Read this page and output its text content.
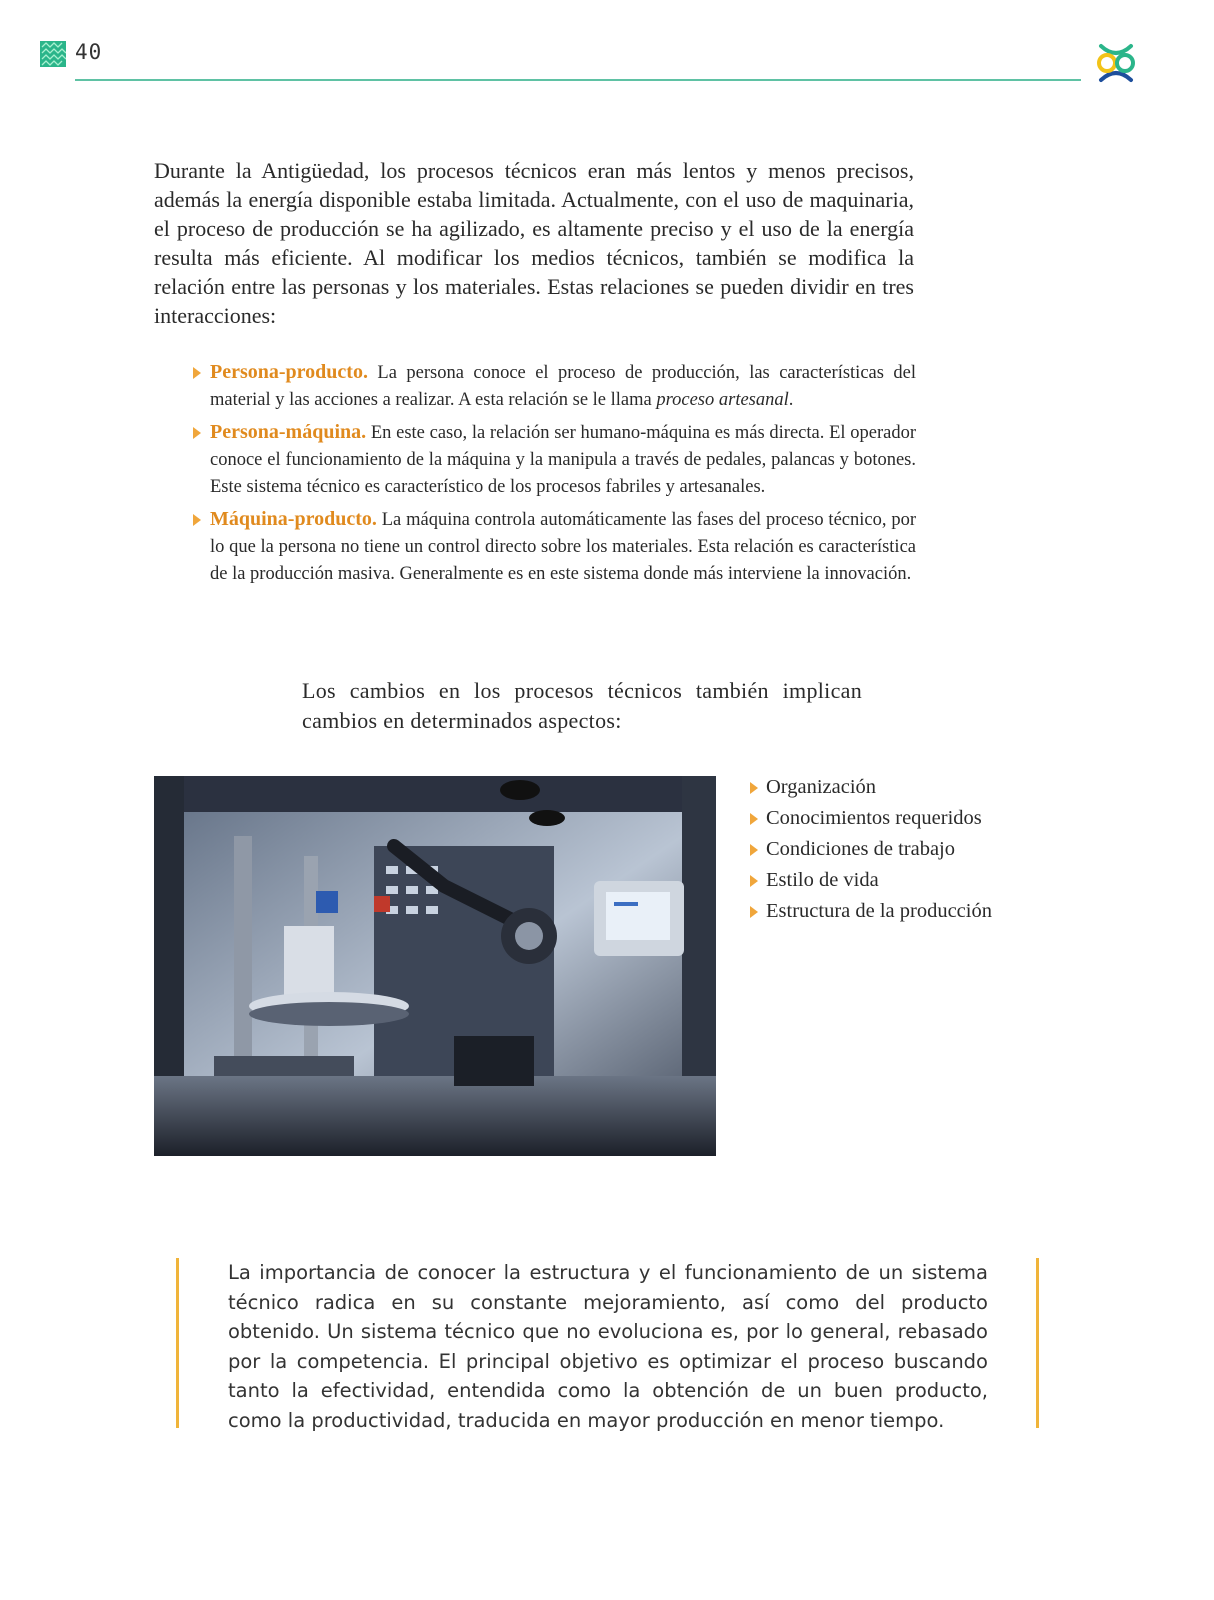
40

Durante la Antigüedad, los procesos técnicos eran más lentos y menos precisos, además la energía disponible estaba limitada. Actualmente, con el uso de maquinaria, el proceso de producción se ha agilizado, es altamente preciso y el uso de la energía resulta más eficiente. Al modificar los medios técnicos, también se modifica la relación entre las personas y los materiales. Estas relaciones se pueden dividir en tres interacciones:

Persona-producto. La persona conoce el proceso de producción, las características del material y las acciones a realizar. A esta relación se le llama proceso artesanal.
Persona-máquina. En este caso, la relación ser humano-máquina es más directa. El operador conoce el funcionamiento de la máquina y la manipula a través de pedales, palancas y botones. Este sistema técnico es característico de los procesos fabriles y artesanales.
Máquina-producto. La máquina controla automáticamente las fases del proceso técnico, por lo que la persona no tiene un control directo sobre los materiales. Esta relación es característica de la producción masiva. Generalmente es en este sistema donde más interviene la innovación.

Los cambios en los procesos técnicos también implican cambios en determinados aspectos:

Organización
Conocimientos requeridos
Condiciones de trabajo
Estilo de vida
Estructura de la producción

La importancia de conocer la estructura y el funcionamiento de un sistema técnico radica en su constante mejoramiento, así como del producto obtenido. Un sistema técnico que no evoluciona es, por lo general, rebasado por la competencia. El principal objetivo es optimizar el proceso buscando tanto la efectividad, entendida como la obtención de un buen producto, como la productividad, traducida en mayor producción en menor tiempo.
